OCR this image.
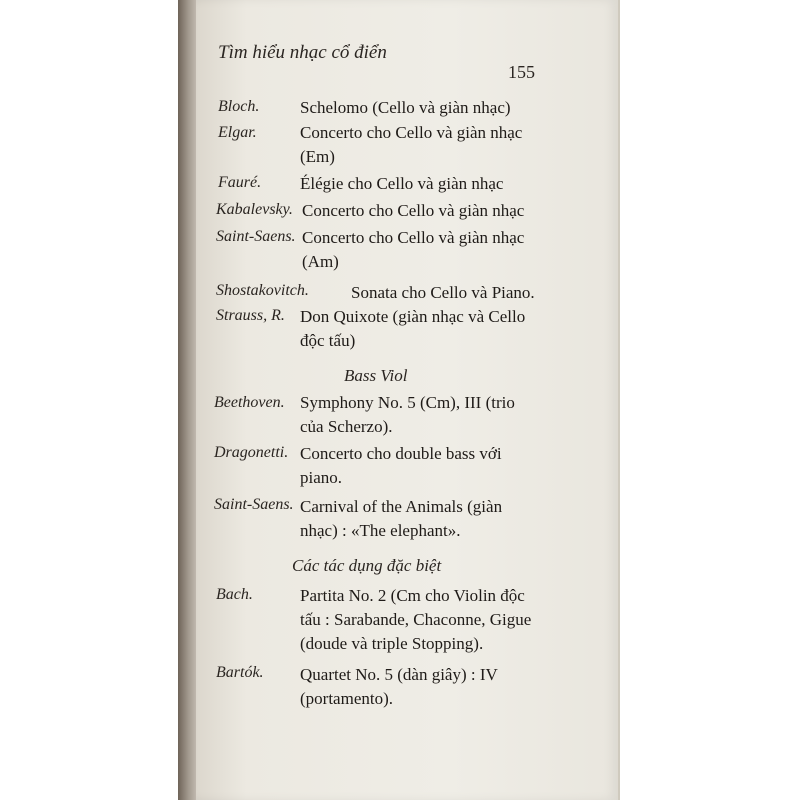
Tìm hiểu nhạc cổ điển
155
Bloch. Schelomo (Cello và giàn nhạc)
Elgar.	Concerto cho Cello và giàn nhạc
(Em)
Fauré. Élégie cho Cello và giàn nhạc
Kabalevsky. Concerto cho Cello và giàn nhạc
Saint-Saens. Concerto cho Cello và giàn nhạc
(Am)
Shostakovitch. Sonata cho Cello và Piano.
Strauss, R. Don Quixote (giàn nhạc và Cello
độc tấu)
Bass Viol
Beethoven. Symphony No. 5 (Cm), III (trio
của Scherzo).
Dragonetti. Concerto cho double bass với
piano.
Saint-Saens. Carnival of the Animals (giàn
nhạc) : «The elephant».
Các tác dụng đặc biệt
Bach.	Partita No. 2 (Cm cho Violin độc
tấu : Sarabande, Chaconne, Gigue
(doude và triple Stopping).
Bartók. Quartet No. 5 (dàn giây) : IV
(portamento).
